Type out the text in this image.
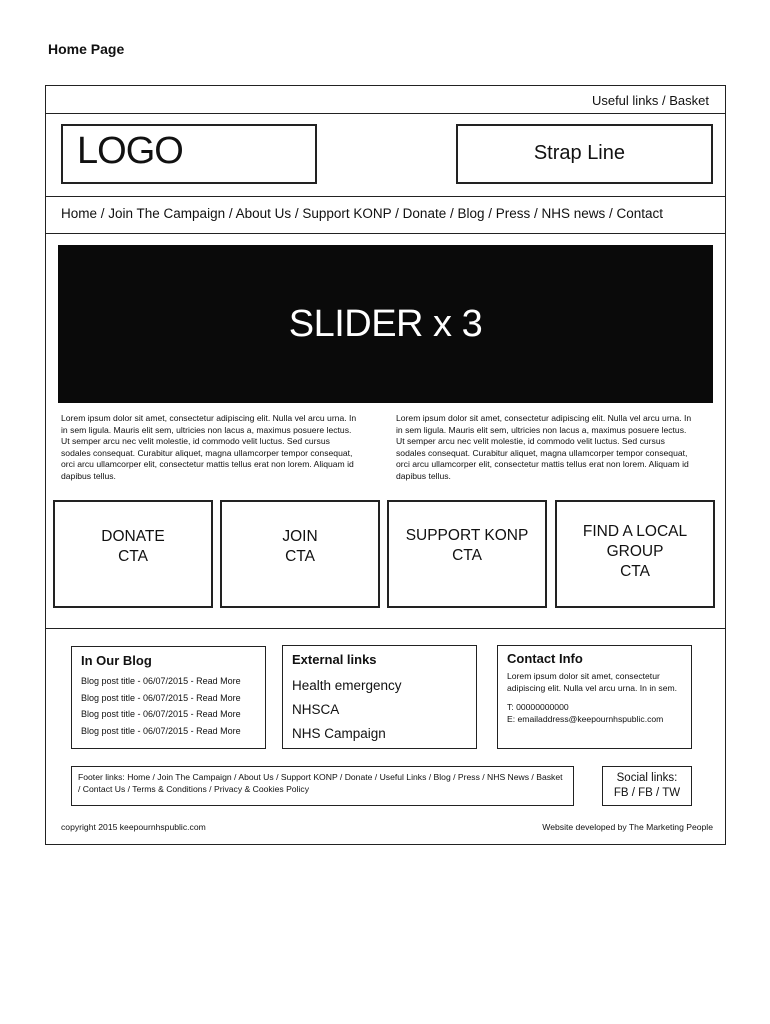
Home Page
Useful links / Basket
LOGO	Strap Line
Home / Join The Campaign / About Us / Support KONP / Donate / Blog / Press / NHS news / Contact
SLIDER x 3
Lorem ipsum dolor sit amet, consectetur adipiscing elit. Nulla vel arcu urna. In in sem ligula. Mauris elit sem, ultricies non lacus a, maximus posuere lectus. Ut semper arcu nec velit molestie, id commodo velit luctus. Sed cursus sodales consequat. Curabitur aliquet, magna ullamcorper tempor consequat, orci arcu ullamcorper elit, consectetur mattis tellus erat non lorem. Aliquam id dapibus tellus.
Lorem ipsum dolor sit amet, consectetur adipiscing elit. Nulla vel arcu urna. In in sem ligula. Mauris elit sem, ultricies non lacus a, maximus posuere lectus. Ut semper arcu nec velit molestie, id commodo velit luctus. Sed cursus sodales consequat. Curabitur aliquet, magna ullamcorper tempor consequat, orci arcu ullamcorper elit, consectetur mattis tellus erat non lorem. Aliquam id dapibus tellus.
DONATE
CTA
JOIN
CTA
SUPPORT KONP
CTA
FIND A LOCAL
GROUP
CTA
In Our Blog
Blog post title - 06/07/2015 - Read More
Blog post title - 06/07/2015 - Read More
Blog post title - 06/07/2015 - Read More
Blog post title - 06/07/2015 - Read More
External links
Health emergency
NHSCA
NHS Campaign
Contact Info
Lorem ipsum dolor sit amet, consectetur adipiscing elit. Nulla vel arcu urna. In in sem.
T: 00000000000
E: emailaddress@keepournhspublic.com
Footer links: Home / Join The Campaign / About Us / Support KONP / Donate / Useful Links / Blog / Press / NHS News / Basket / Contact Us / Terms & Conditions / Privacy & Cookies Policy
Social links:
FB / FB / TW
copyright 2015 keepournhspublic.com	Website developed by The Marketing People
